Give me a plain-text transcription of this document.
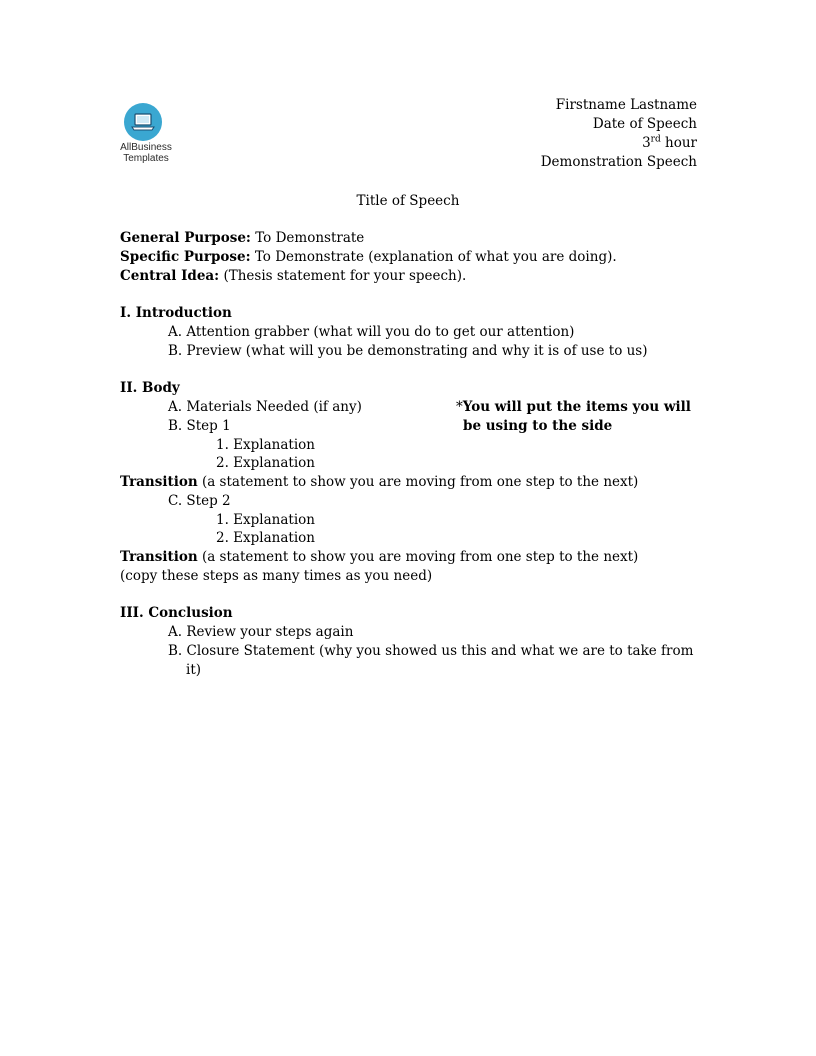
AllBusiness
Templates
Firstname Lastname
Date of Speech
3rd hour
Demonstration Speech
Title of Speech
General Purpose: To Demonstrate
Specific Purpose: To Demonstrate (explanation of what you are doing).
Central Idea: (Thesis statement for your speech).
I. Introduction
A. Attention grabber (what will you do to get our attention)
B. Preview (what will you be demonstrating and why it is of use to us)
II. Body
A. Materials Needed (if any)	*You will put the items you will
B. Step 1	be using to the side
1. Explanation
2. Explanation
Transition (a statement to show you are moving from one step to the next)
C. Step 2
1. Explanation
2. Explanation
Transition (a statement to show you are moving from one step to the next)
(copy these steps as many times as you need)
III. Conclusion
A. Review your steps again
B. Closure Statement (why you showed us this and what we are to take from
it)
